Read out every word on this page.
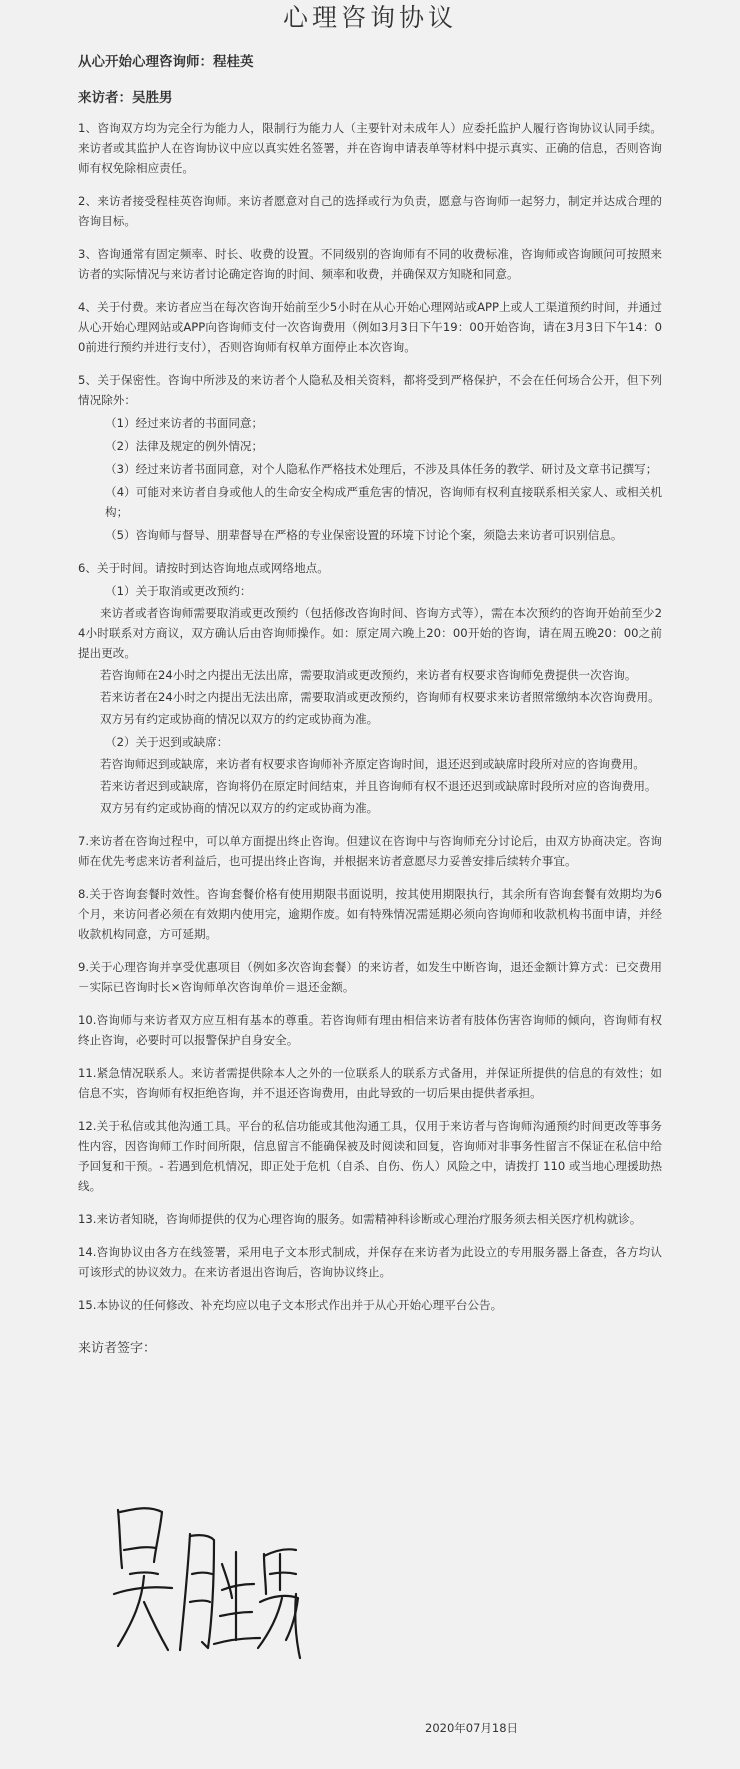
心理咨询协议
从心开始心理咨询师：程桂英
来访者：吴胜男

1、咨询双方均为完全行为能力人，限制行为能力人（主要针对未成年人）应委托监护人履行咨询协议认同手续。来访者或其监护人在咨询协议中应以真实姓名签署，并在咨询申请表单等材料中提示真实、正确的信息，否则咨询师有权免除相应责任。

2、来访者接受程桂英咨询师。来访者愿意对自己的选择或行为负责，愿意与咨询师一起努力，制定并达成合理的咨询目标。

3、咨询通常有固定频率、时长、收费的设置。不同级别的咨询师有不同的收费标准，咨询师或咨询顾问可按照来访者的实际情况与来访者讨论确定咨询的时间、频率和收费，并确保双方知晓和同意。

4、关于付费。来访者应当在每次咨询开始前至少5小时在从心开始心理网站或APP上或人工渠道预约时间，并通过从心开始心理网站或APP向咨询师支付一次咨询费用（例如3月3日下午19：00开始咨询，请在3月3日下午14：00前进行预约并进行支付），否则咨询师有权单方面停止本次咨询。

5、关于保密性。咨询中所涉及的来访者个人隐私及相关资料，都将受到严格保护，不会在任何场合公开，但下列情况除外：
（1）经过来访者的书面同意；
（2）法律及规定的例外情况；
（3）经过来访者书面同意，对个人隐私作严格技术处理后，不涉及具体任务的教学、研讨及文章书记撰写；
（4）可能对来访者自身或他人的生命安全构成严重危害的情况，咨询师有权利直接联系相关家人、或相关机构；
（5）咨询师与督导、朋辈督导在严格的专业保密设置的环境下讨论个案，须隐去来访者可识别信息。
6、关于时间。请按时到达咨询地点或网络地点。
（1）关于取消或更改预约：
来访者或者咨询师需要取消或更改预约（包括修改咨询时间、咨询方式等），需在本次预约的咨询开始前至少24小时联系对方商议，双方确认后由咨询师操作。如：原定周六晚上20：00开始的咨询，请在周五晚20：00之前提出更改。
若咨询师在24小时之内提出无法出席，需要取消或更改预约，来访者有权要求咨询师免费提供一次咨询。
若来访者在24小时之内提出无法出席，需要取消或更改预约，咨询师有权要求来访者照常缴纳本次咨询费用。
双方另有约定或协商的情况以双方的约定或协商为准。
（2）关于迟到或缺席：
若咨询师迟到或缺席，来访者有权要求咨询师补齐原定咨询时间，退还迟到或缺席时段所对应的咨询费用。
若来访者迟到或缺席，咨询将仍在原定时间结束，并且咨询师有权不退还迟到或缺席时段所对应的咨询费用。
双方另有约定或协商的情况以双方的约定或协商为准。

7.来访者在咨询过程中，可以单方面提出终止咨询。但建议在咨询中与咨询师充分讨论后，由双方协商决定。咨询师在优先考虑来访者利益后，也可提出终止咨询，并根据来访者意愿尽力妥善安排后续转介事宜。

8.关于咨询套餐时效性。咨询套餐价格有使用期限书面说明，按其使用期限执行，其余所有咨询套餐有效期均为6个月，来访问者必须在有效期内使用完，逾期作废。如有特殊情况需延期必须向咨询师和收款机构书面申请，并经收款机构同意，方可延期。

9.关于心理咨询并享受优惠项目（例如多次咨询套餐）的来访者，如发生中断咨询，退还金额计算方式：已交费用－实际已咨询时长×咨询师单次咨询单价＝退还金额。

10.咨询师与来访者双方应互相有基本的尊重。若咨询师有理由相信来访者有肢体伤害咨询师的倾向，咨询师有权终止咨询，必要时可以报警保护自身安全。

11.紧急情况联系人。来访者需提供除本人之外的一位联系人的联系方式备用，并保证所提供的信息的有效性；如信息不实，咨询师有权拒绝咨询，并不退还咨询费用，由此导致的一切后果由提供者承担。

12.关于私信或其他沟通工具。平台的私信功能或其他沟通工具，仅用于来访者与咨询师沟通预约时间更改等事务性内容，因咨询师工作时间所限，信息留言不能确保被及时阅读和回复，咨询师对非事务性留言不保证在私信中给予回复和干预。- 若遇到危机情况，即正处于危机（自杀、自伤、伤人）风险之中，请拨打 110 或当地心理援助热线。

13.来访者知晓，咨询师提供的仅为心理咨询的服务。如需精神科诊断或心理治疗服务须去相关医疗机构就诊。

14.咨询协议由各方在线签署，采用电子文本形式制成，并保存在来访者为此设立的专用服务器上备查，各方均认可该形式的协议效力。在来访者退出咨询后，咨询协议终止。

15.本协议的任何修改、补充均应以电子文本形式作出并于从心开始心理平台公告。

来访者签字：
2020年07月18日
